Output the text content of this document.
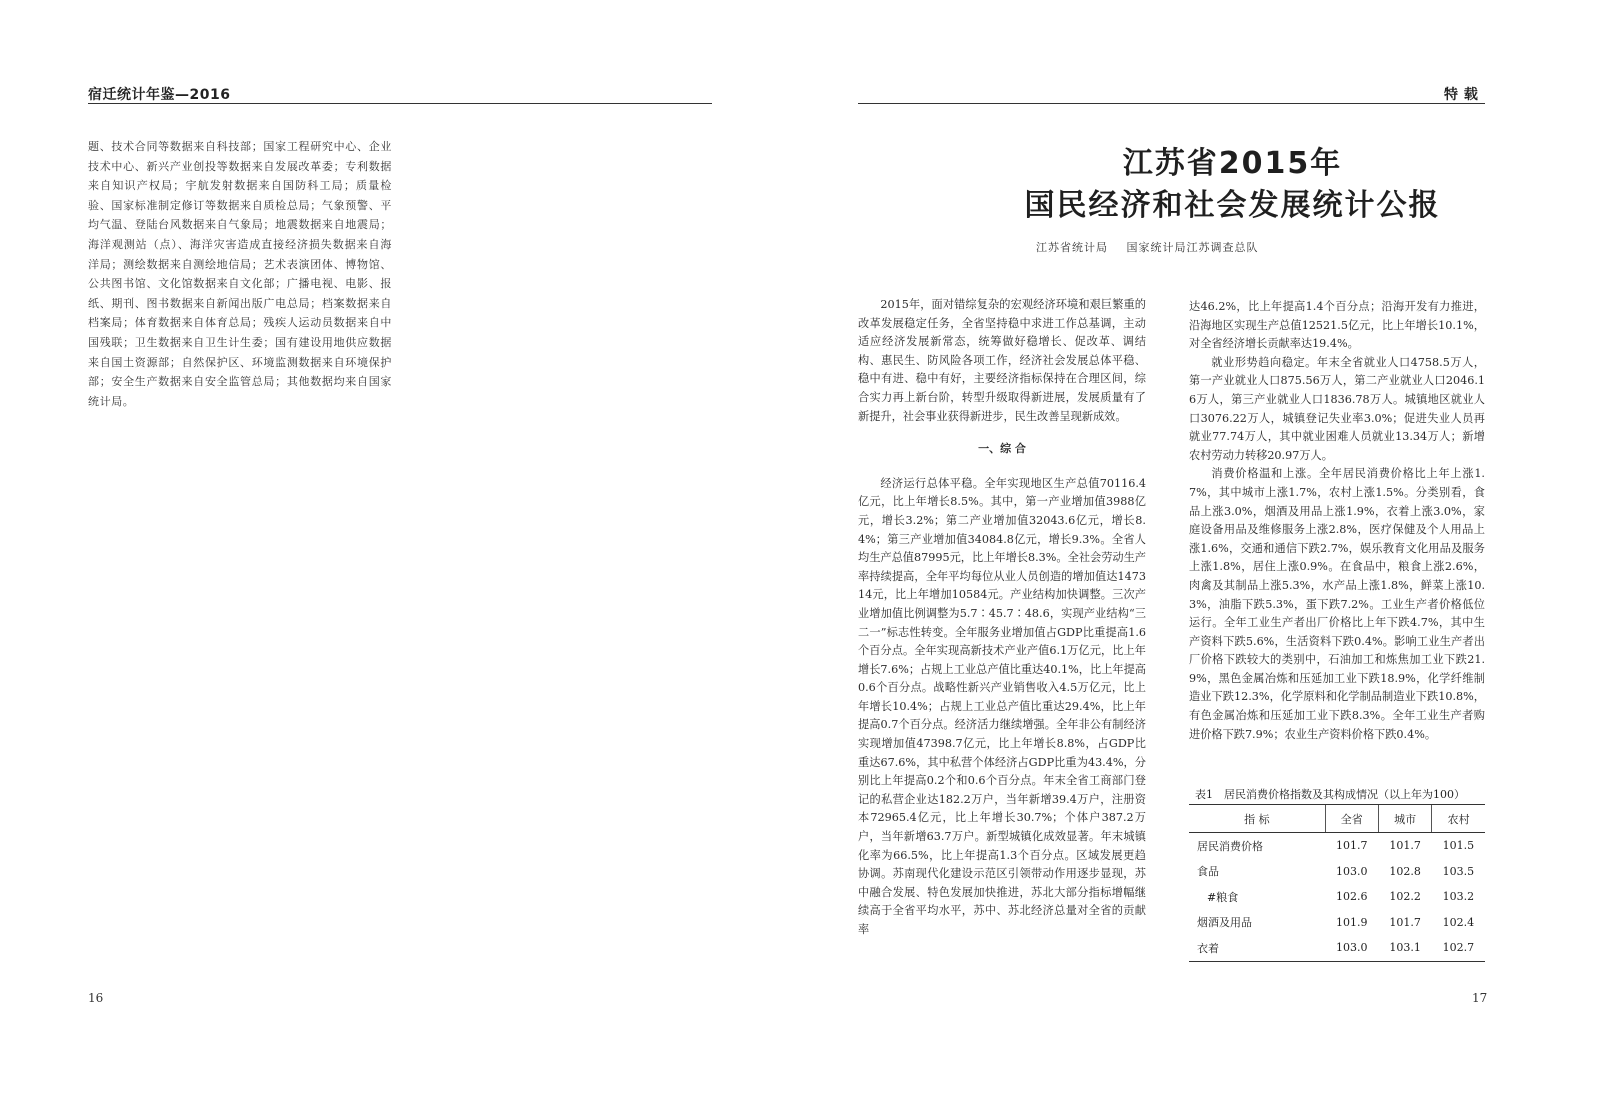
宿迁统计年鉴—2016
题、技术合同等数据来自科技部；国家工程研究中心、企业技术中心、新兴产业创投等数据来自发展改革委；专利数据来自知识产权局；宇航发射数据来自国防科工局；质量检验、国家标准制定修订等数据来自质检总局；气象预警、平均气温、登陆台风数据来自气象局；地震数据来自地震局；海洋观测站（点）、海洋灾害造成直接经济损失数据来自海洋局；测绘数据来自测绘地信局；艺术表演团体、博物馆、公共图书馆、文化馆数据来自文化部；广播电视、电影、报纸、期刊、图书数据来自新闻出版广电总局；档案数据来自档案局；体育数据来自体育总局；残疾人运动员数据来自中国残联；卫生数据来自卫生计生委；国有建设用地供应数据来自国土资源部；自然保护区、环境监测数据来自环境保护部；安全生产数据来自安全监管总局；其他数据均来自国家统计局。
16
特 载
江苏省2015年
国民经济和社会发展统计公报
江苏省统计局 国家统计局江苏调查总队

2015年，面对错综复杂的宏观经济环境和艰巨繁重的改革发展稳定任务，全省坚持稳中求进工作总基调，主动适应经济发展新常态，统筹做好稳增长、促改革、调结构、惠民生、防风险各项工作，经济社会发展总体平稳、稳中有进、稳中有好，主要经济指标保持在合理区间，综合实力再上新台阶，转型升级取得新进展，发展质量有了新提升，社会事业获得新进步，民生改善呈现新成效。

一、综 合

经济运行总体平稳。全年实现地区生产总值70116.4亿元，比上年增长8.5%。其中，第一产业增加值3988亿元，增长3.2%；第二产业增加值32043.6亿元，增长8.4%；第三产业增加值34084.8亿元，增长9.3%。全省人均生产总值87995元，比上年增长8.3%。全社会劳动生产率持续提高，全年平均每位从业人员创造的增加值达147314元，比上年增加10584元。产业结构加快调整。三次产业增加值比例调整为5.7∶45.7∶48.6，实现产业结构“三二一”标志性转变。全年服务业增加值占GDP比重提高1.6个百分点。全年实现高新技术产业产值6.1万亿元，比上年增长7.6%；占规上工业总产值比重达40.1%，比上年提高0.6个百分点。战略性新兴产业销售收入4.5万亿元，比上年增长10.4%；占规上工业总产值比重达29.4%，比上年提高0.7个百分点。经济活力继续增强。全年非公有制经济实现增加值47398.7亿元，比上年增长8.8%，占GDP比重达67.6%，其中私营个体经济占GDP比重为43.4%，分别比上年提高0.2个和0.6个百分点。年末全省工商部门登记的私营企业达182.2万户，当年新增39.4万户，注册资本72965.4亿元，比上年增长30.7%；个体户387.2万户，当年新增63.7万户。新型城镇化成效显著。年末城镇化率为66.5%，比上年提高1.3个百分点。区域发展更趋协调。苏南现代化建设示范区引领带动作用逐步显现，苏中融合发展、特色发展加快推进，苏北大部分指标增幅继续高于全省平均水平，苏中、苏北经济总量对全省的贡献率

达46.2%，比上年提高1.4个百分点；沿海开发有力推进，沿海地区实现生产总值12521.5亿元，比上年增长10.1%，对全省经济增长贡献率达19.4%。

就业形势趋向稳定。年末全省就业人口4758.5万人，第一产业就业人口875.56万人，第二产业就业人口2046.16万人，第三产业就业人口1836.78万人。城镇地区就业人口3076.22万人，城镇登记失业率3.0%；促进失业人员再就业77.74万人，其中就业困难人员就业13.34万人；新增农村劳动力转移20.97万人。

消费价格温和上涨。全年居民消费价格比上年上涨1.7%，其中城市上涨1.7%，农村上涨1.5%。分类别看，食品上涨3.0%，烟酒及用品上涨1.9%，衣着上涨3.0%，家庭设备用品及维修服务上涨2.8%，医疗保健及个人用品上涨1.6%，交通和通信下跌2.7%，娱乐教育文化用品及服务上涨1.8%，居住上涨0.9%。在食品中，粮食上涨2.6%，肉禽及其制品上涨5.3%，水产品上涨1.8%，鲜菜上涨10.3%，油脂下跌5.3%，蛋下跌7.2%。工业生产者价格低位运行。全年工业生产者出厂价格比上年下跌4.7%，其中生产资料下跌5.6%，生活资料下跌0.4%。影响工业生产者出厂价格下跌较大的类别中，石油加工和炼焦加工业下跌21.9%，黑色金属冶炼和压延加工业下跌18.9%，化学纤维制造业下跌12.3%，化学原料和化学制品制造业下跌10.8%，有色金属冶炼和压延加工业下跌8.3%。全年工业生产者购进价格下跌7.9%；农业生产资料价格下跌0.4%。

表1　居民消费价格指数及其构成情况（以上年为100）
指 标	全省	城市	农村
居民消费价格	101.7	101.7	101.5
食品	103.0	102.8	103.5
#粮食	102.6	102.2	103.2
烟酒及用品	101.9	101.7	102.4
衣着	103.0	103.1	102.7
17
